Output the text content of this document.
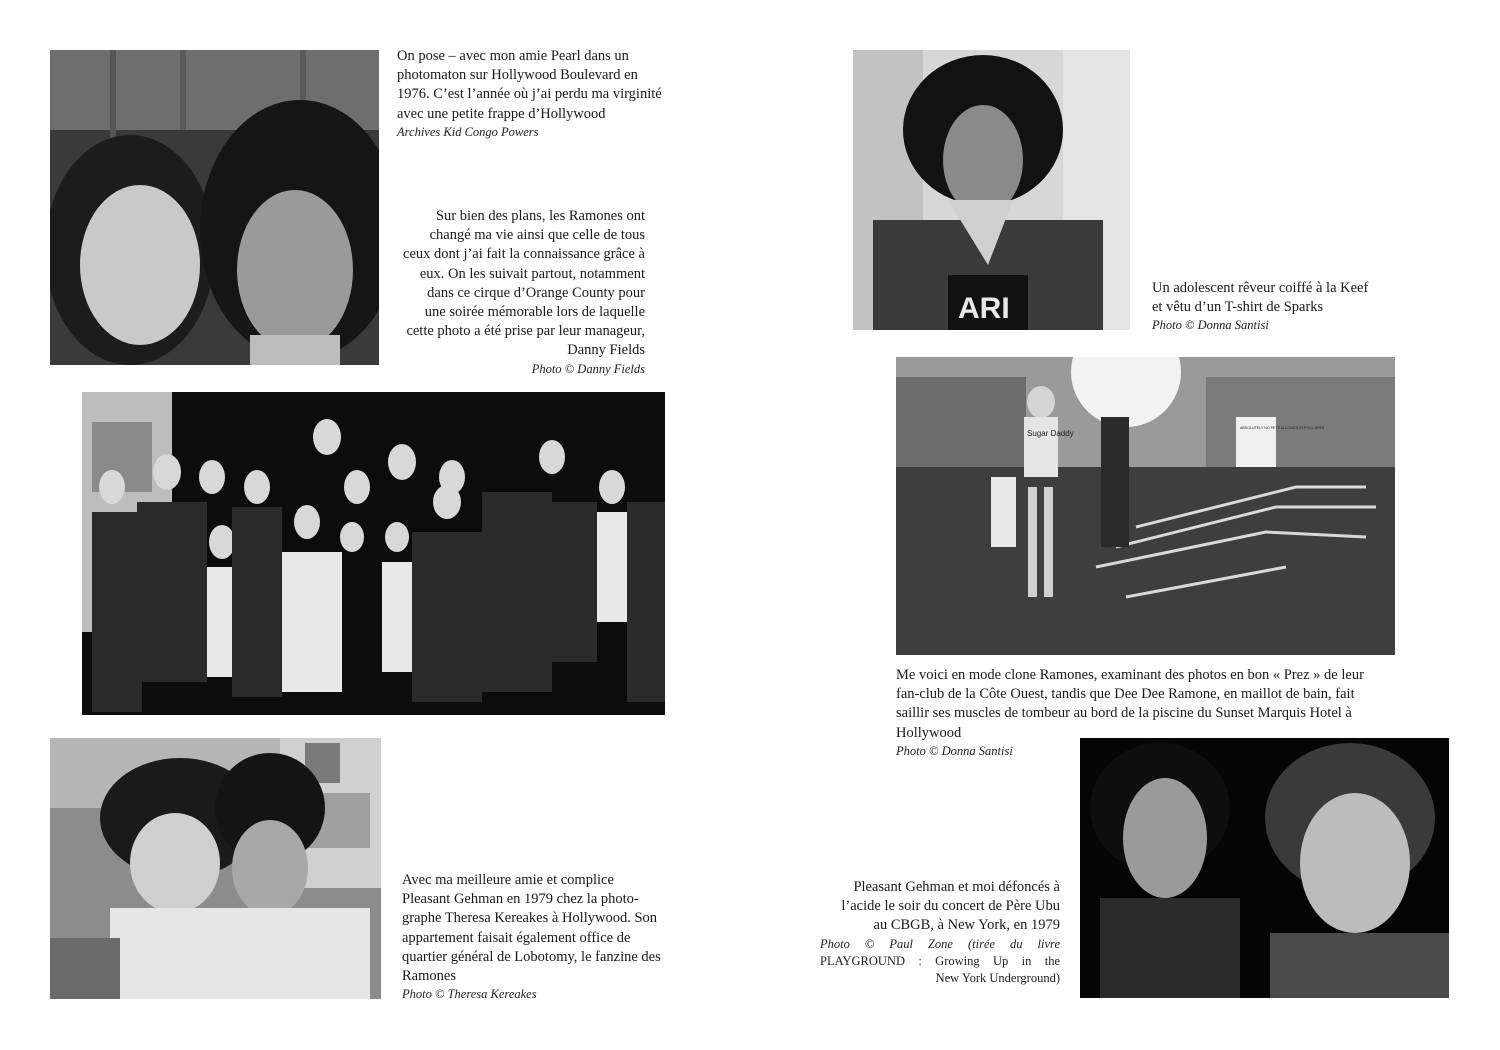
ARI
Sugar Daddy
ABSOLUTELY NO PETS ALLOWED IN POOL AREA
On pose – avec mon amie Pearl dans un
photomaton sur Hollywood Boulevard en
1976. C’est l’année où j’ai perdu ma virginité
avec une petite frappe d’Hollywood
Archives Kid Congo Powers
Sur bien des plans, les Ramones ont
changé ma vie ainsi que celle de tous
ceux dont j’ai fait la connaissance grâce à
eux. On les suivait partout, notamment
dans ce cirque d’Orange County pour
une soirée mémorable lors de laquelle
cette photo a été prise par leur manageur,
Danny Fields
Photo © Danny Fields
Avec ma meilleure amie et complice
Pleasant Gehman en 1979 chez la photo-
graphe Theresa Kereakes à Hollywood. Son
appartement faisait également office de
quartier général de Lobotomy, le fanzine des
Ramones
Photo © Theresa Kereakes
Un adolescent rêveur coiffé à la Keef
et vêtu d’un T-shirt de Sparks
Photo © Donna Santisi
Me voici en mode clone Ramones, examinant des photos en bon « Prez » de leur
fan-club de la Côte Ouest, tandis que Dee Dee Ramone, en maillot de bain, fait
saillir ses muscles de tombeur au bord de la piscine du Sunset Marquis Hotel à
Hollywood
Photo © Donna Santisi
Pleasant Gehman et moi défoncés à
l’acide le soir du concert de Père Ubu
au CBGB, à New York, en 1979
Photo © Paul Zone (tirée du livre
PLAYGROUND : Growing Up in the
New York Underground)
